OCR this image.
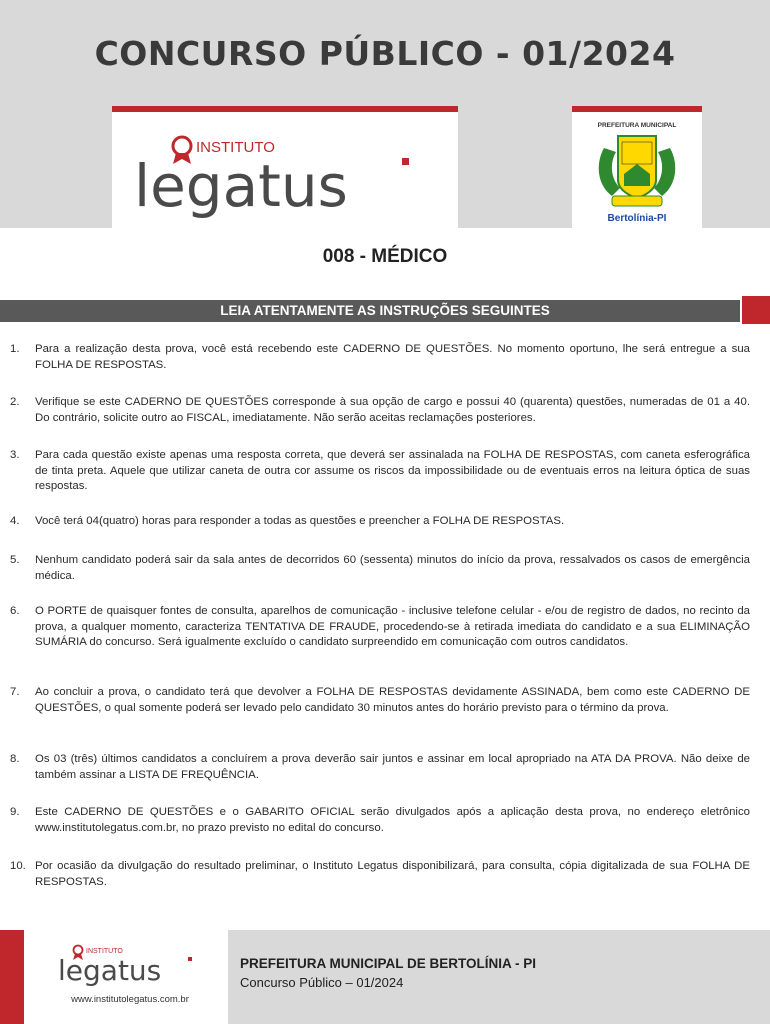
CONCURSO PÚBLICO - 01/2024
INSTITUTO
legatus
PREFEITURA MUNICIPAL
Bertolínia-PI
008 - MÉDICO
LEIA ATENTAMENTE AS INSTRUÇÕES SEGUINTES
1.	Para a realização desta prova, você está recebendo este CADERNO DE QUESTÕES. No momento oportuno, lhe será entregue a sua FOLHA DE RESPOSTAS.
2.	Verifique se este CADERNO DE QUESTÕES corresponde à sua opção de cargo e possui 40 (quarenta) questões, numeradas de 01 a 40. Do contrário, solicite outro ao FISCAL, imediatamente. Não serão aceitas reclamações posteriores.
3.	Para cada questão existe apenas uma resposta correta, que deverá ser assinalada na FOLHA DE RESPOSTAS, com caneta esferográfica de tinta preta. Aquele que utilizar caneta de outra cor assume os riscos da impossibilidade ou de eventuais erros na leitura óptica de suas respostas.
4.	Você terá 04(quatro) horas para responder a todas as questões e preencher a FOLHA DE RESPOSTAS.
5.	Nenhum candidato poderá sair da sala antes de decorridos 60 (sessenta) minutos do início da prova, ressalvados os casos de emergência médica.
6.	O PORTE de quaisquer fontes de consulta, aparelhos de comunicação - inclusive telefone celular - e/ou de registro de dados, no recinto da prova, a qualquer momento, caracteriza TENTATIVA DE FRAUDE, procedendo-se à retirada imediata do candidato e a sua ELIMINAÇÃO SUMÁRIA do concurso. Será igualmente excluído o candidato surpreendido em comunicação com outros candidatos.
7.	Ao concluir a prova, o candidato terá que devolver a FOLHA DE RESPOSTAS devidamente ASSINADA, bem como este CADERNO DE QUESTÕES, o qual somente poderá ser levado pelo candidato 30 minutos antes do horário previsto para o término da prova.
8.	Os 03 (três) últimos candidatos a concluírem a prova deverão sair juntos e assinar em local apropriado na ATA DA PROVA. Não deixe de também assinar a LISTA DE FREQUÊNCIA.
9.	Este CADERNO DE QUESTÕES e o GABARITO OFICIAL serão divulgados após a aplicação desta prova, no endereço eletrônico www.institutolegatus.com.br, no prazo previsto no edital do concurso.
10. Por ocasião da divulgação do resultado preliminar, o Instituto Legatus disponibilizará, para consulta, cópia digitalizada de sua FOLHA DE RESPOSTAS.
INSTITUTO
legatus
www.institutolegatus.com.br
PREFEITURA MUNICIPAL DE BERTOLÍNIA - PI
Concurso Público – 01/2024
